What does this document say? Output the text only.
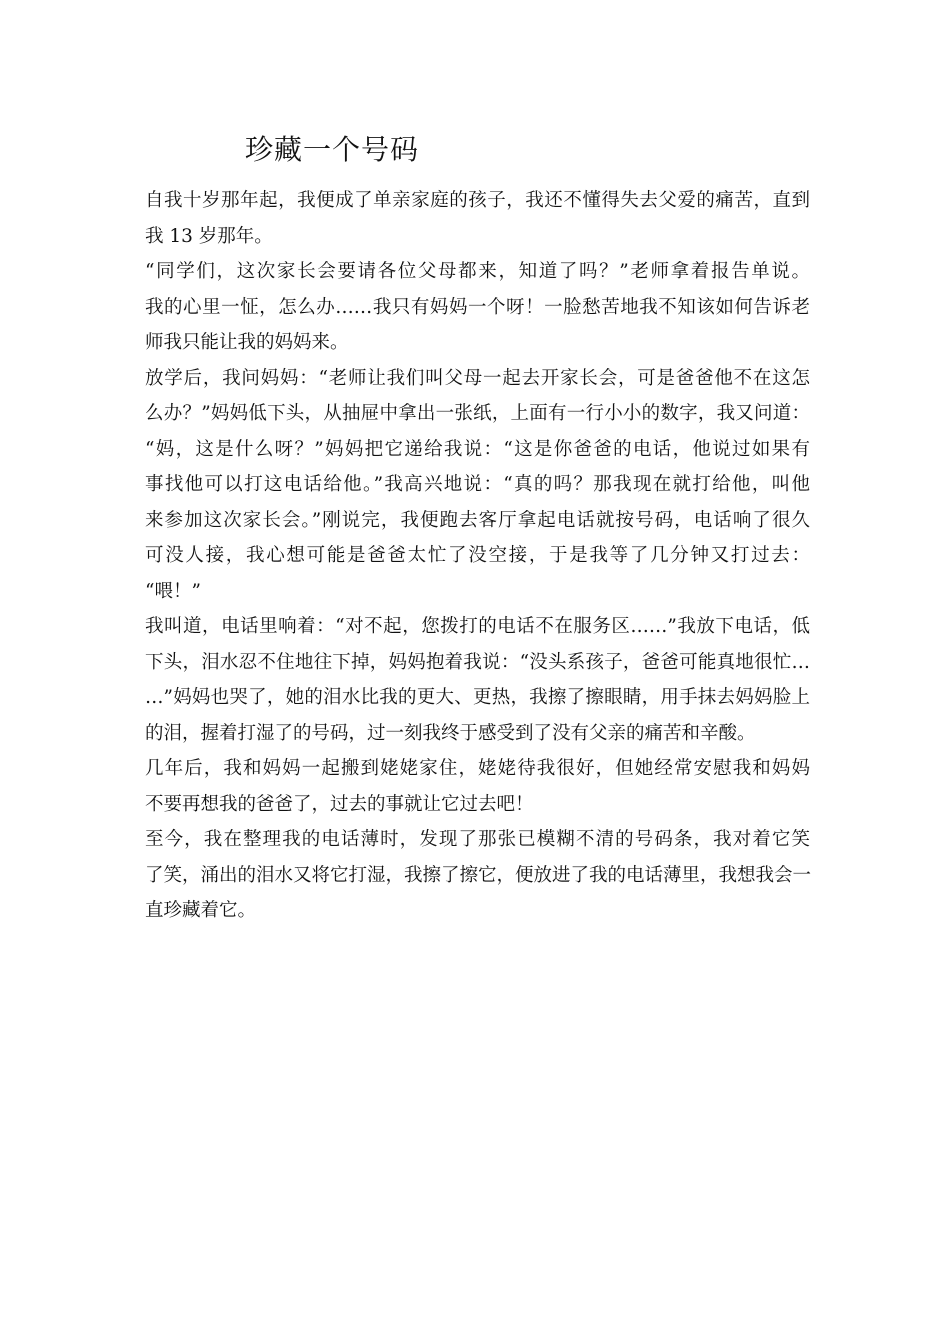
珍藏一个号码
自我十岁那年起，我便成了单亲家庭的孩子，我还不懂得失去父爱的痛苦，直到
我 13 岁那年。
“同学们，这次家长会要请各位父母都来，知道了吗？”老师拿着报告单说。
我的心里一怔，怎么办……我只有妈妈一个呀！一脸愁苦地我不知该如何告诉老
师我只能让我的妈妈来。
放学后，我问妈妈：“老师让我们叫父母一起去开家长会，可是爸爸他不在这怎
么办？”妈妈低下头，从抽屉中拿出一张纸，上面有一行小小的数字，我又问道：
“妈，这是什么呀？”妈妈把它递给我说：“这是你爸爸的电话，他说过如果有
事找他可以打这电话给他。”我高兴地说：“真的吗？那我现在就打给他，叫他
来参加这次家长会。”刚说完，我便跑去客厅拿起电话就按号码，电话响了很久
可没人接，我心想可能是爸爸太忙了没空接，于是我等了几分钟又打过去：
“喂！”
我叫道，电话里响着：“对不起，您拨打的电话不在服务区……”我放下电话，低
下头，泪水忍不住地往下掉，妈妈抱着我说：“没头系孩子，爸爸可能真地很忙…
…”妈妈也哭了，她的泪水比我的更大、更热，我擦了擦眼睛，用手抹去妈妈脸上
的泪，握着打湿了的号码，过一刻我终于感受到了没有父亲的痛苦和辛酸。
几年后，我和妈妈一起搬到姥姥家住，姥姥待我很好，但她经常安慰我和妈妈
不要再想我的爸爸了，过去的事就让它过去吧！
至今，我在整理我的电话薄时，发现了那张已模糊不清的号码条，我对着它笑
了笑，涌出的泪水又将它打湿，我擦了擦它，便放进了我的电话薄里，我想我会一
直珍藏着它。
